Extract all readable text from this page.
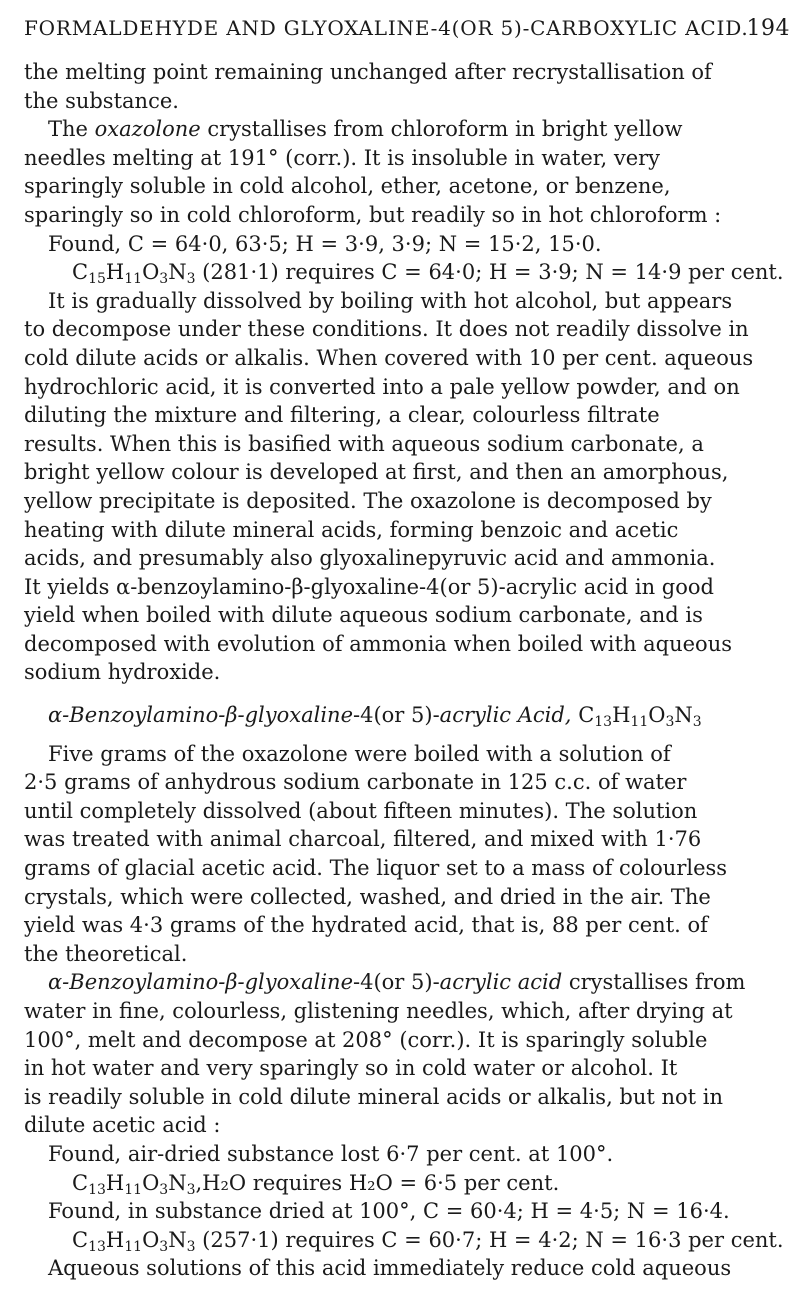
FORMALDEHYDE AND GLYOXALINE-4(OR 5)-CARBOXYLIC ACID.
194
the melting point remaining unchanged after recrystallisation of
the substance.
The oxazolone crystallises from chloroform in bright yellow
needles melting at 191° (corr.). It is insoluble in water, very
sparingly soluble in cold alcohol, ether, acetone, or benzene,
sparingly so in cold chloroform, but readily so in hot chloroform :
Found, C = 64·0, 63·5; H = 3·9, 3·9; N = 15·2, 15·0.
$C_{15}H_{11}O_3N_3$ (281·1) requires C = 64·0; H = 3·9; N = 14·9 per cent.
It is gradually dissolved by boiling with hot alcohol, but appears
to decompose under these conditions. It does not readily dissolve in
cold dilute acids or alkalis. When covered with 10 per cent. aqueous
hydrochloric acid, it is converted into a pale yellow powder, and on
diluting the mixture and filtering, a clear, colourless filtrate
results. When this is basified with aqueous sodium carbonate, a
bright yellow colour is developed at first, and then an amorphous,
yellow precipitate is deposited. The oxazolone is decomposed by
heating with dilute mineral acids, forming benzoic and acetic
acids, and presumably also glyoxalinepyruvic acid and ammonia.
It yields α-benzoylamino-β-glyoxaline-4(or 5)-acrylic acid in good
yield when boiled with dilute aqueous sodium carbonate, and is
decomposed with evolution of ammonia when boiled with aqueous
sodium hydroxide.
α-Benzoylamino-β-glyoxaline-4(or 5)-acrylic Acid, $C_{13}H_{11}O_3N_3$
Five grams of the oxazolone were boiled with a solution of
2·5 grams of anhydrous sodium carbonate in 125 c.c. of water
until completely dissolved (about fifteen minutes). The solution
was treated with animal charcoal, filtered, and mixed with 1·76
grams of glacial acetic acid. The liquor set to a mass of colourless
crystals, which were collected, washed, and dried in the air. The
yield was 4·3 grams of the hydrated acid, that is, 88 per cent. of
the theoretical.
α-Benzoylamino-β-glyoxaline-4(or 5)-acrylic acid crystallises from
water in fine, colourless, glistening needles, which, after drying at
100°, melt and decompose at 208° (corr.). It is sparingly soluble
in hot water and very sparingly so in cold water or alcohol. It
is readily soluble in cold dilute mineral acids or alkalis, but not in
dilute acetic acid :
Found, air-dried substance lost 6·7 per cent. at 100°.
$C_{13}H_{11}O_3N_3,H_2O$ requires H₂O = 6·5 per cent.
Found, in substance dried at 100°, C = 60·4; H = 4·5; N = 16·4.
$C_{13}H_{11}O_3N_3$ (257·1) requires C = 60·7; H = 4·2; N = 16·3 per cent.
Aqueous solutions of this acid immediately reduce cold aqueous
